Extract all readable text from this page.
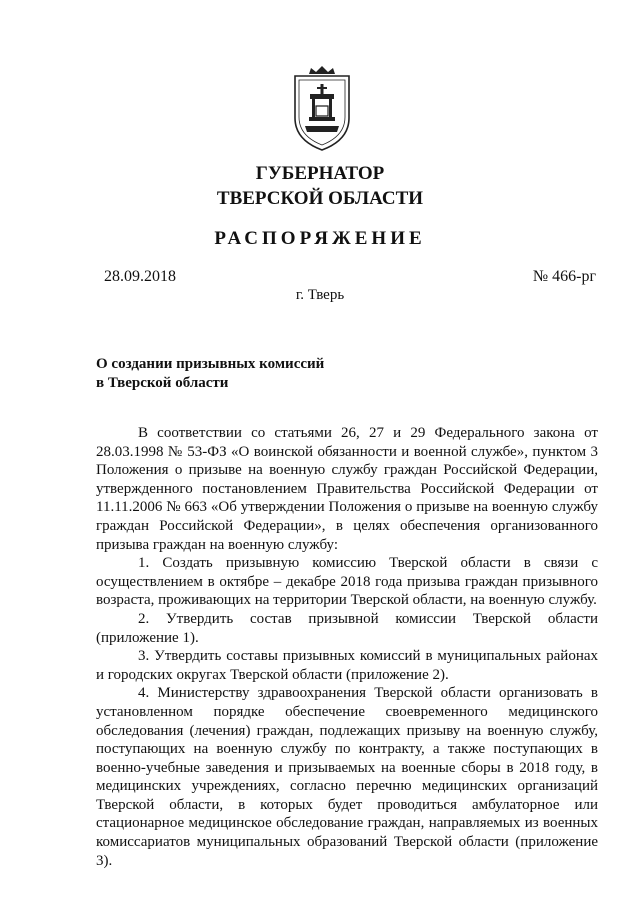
ГУБЕРНАТОР
ТВЕРСКОЙ ОБЛАСТИ
РАСПОРЯЖЕНИЕ
28.09.2018	№ 466-рг
г. Тверь
О создании призывных комиссий
в Тверской области

В соответствии со статьями 26, 27 и 29 Федерального закона от 28.03.1998 № 53-ФЗ «О воинской обязанности и военной службе», пунктом 3 Положения о призыве на военную службу граждан Российской Федерации, утвержденного постановлением Правительства Российской Федерации от 11.11.2006 № 663 «Об утверждении Положения о призыве на военную службу граждан Российской Федерации», в целях обеспечения организованного призыва граждан на военную службу:

1. Создать призывную комиссию Тверской области в связи с осуществлением в октябре – декабре 2018 года призыва граждан призывного возраста, проживающих на территории Тверской области, на военную службу.

2. Утвердить состав призывной комиссии Тверской области (приложение 1).

3. Утвердить составы призывных комиссий в муниципальных районах и городских округах Тверской области (приложение 2).

4. Министерству здравоохранения Тверской области организовать в установленном порядке обеспечение своевременного медицинского обследования (лечения) граждан, подлежащих призыву на военную службу, поступающих на военную службу по контракту, а также поступающих в военно-учебные заведения и призываемых на военные сборы в 2018 году, в медицинских учреждениях, согласно перечню медицинских организаций Тверской области, в которых будет проводиться амбулаторное или стационарное медицинское обследование граждан, направляемых из военных комиссариатов муниципальных образований Тверской области (приложение 3).
